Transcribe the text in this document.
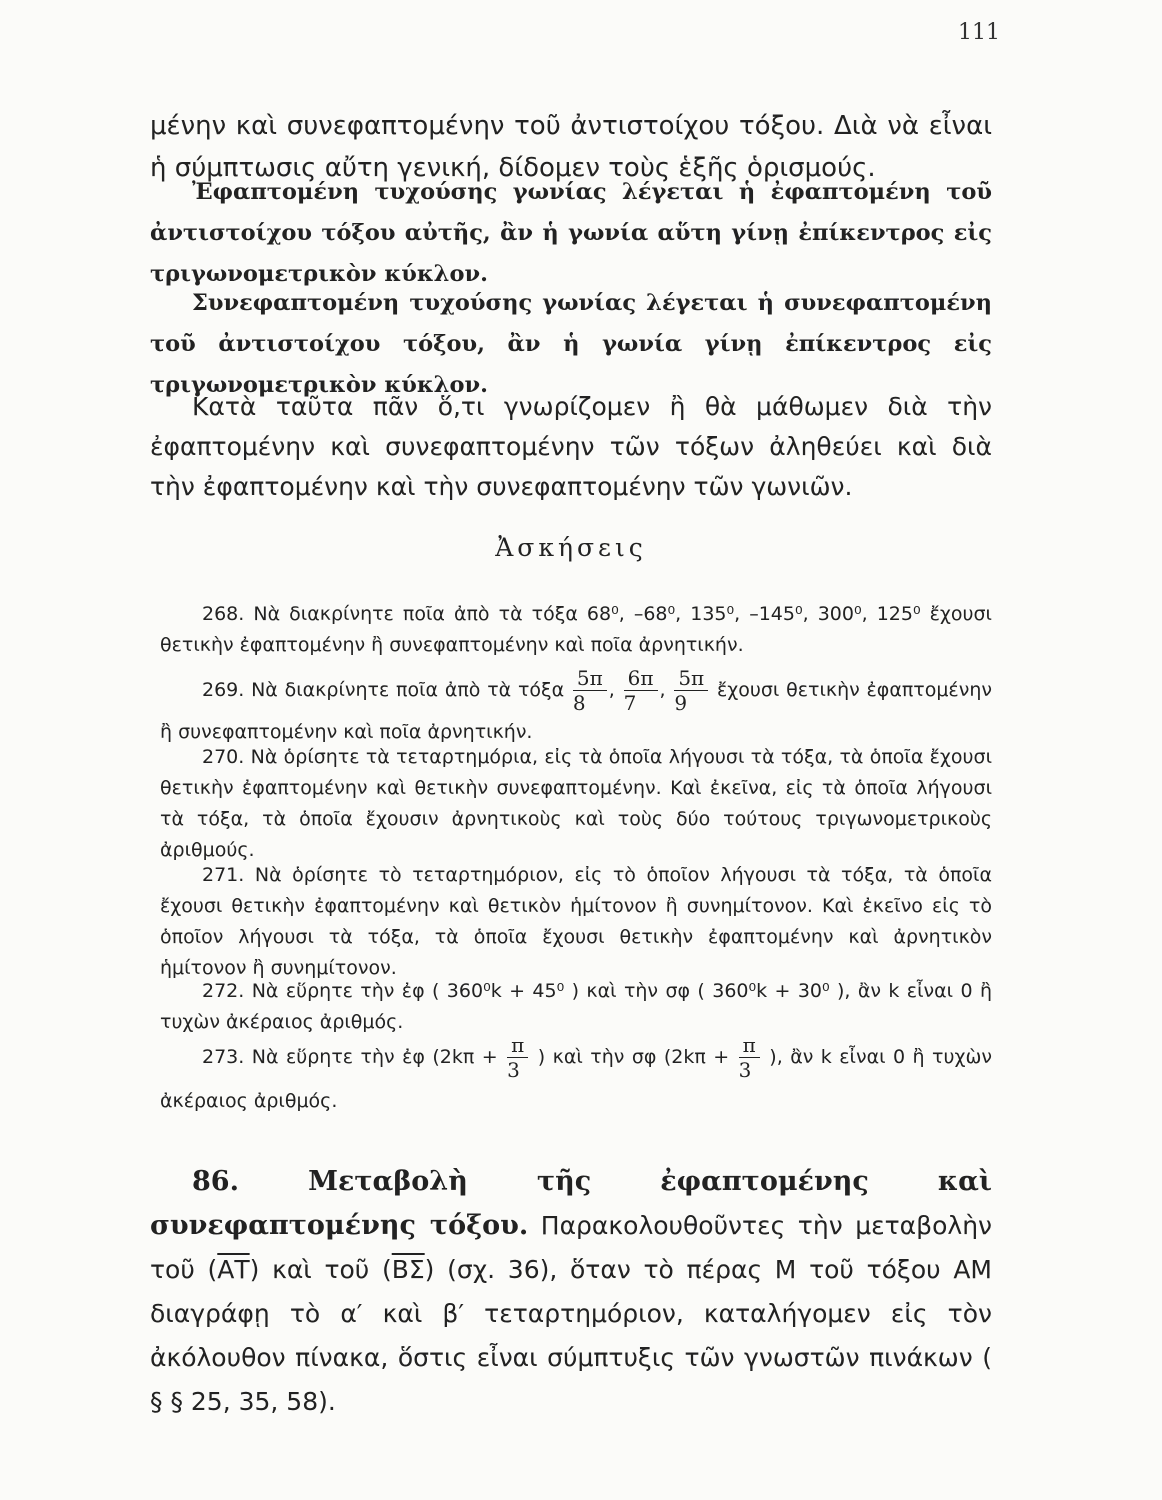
111

μένην καὶ συνεφαπτομένην τοῦ ἀντιστοίχου τόξου. Διὰ νὰ εἶναι ἡ σύμπτωσις αὔτη γενική, δίδομεν τοὺς ἑξῆς ὁρισμούς.

Ἐφαπτομένη τυχούσης γωνίας λέγεται ἡ ἐφαπτομένη τοῦ ἀντιστοίχου τόξου αὐτῆς, ἂν ἡ γωνία αὕτη γίνῃ ἐπίκεντρος εἰς τριγωνομετρικὸν κύκλον.

Συνεφαπτομένη τυχούσης γωνίας λέγεται ἡ συνεφαπτομένη τοῦ ἀντιστοίχου τόξου, ἂν ἡ γωνία γίνῃ ἐπίκεντρος εἰς τριγωνομετρικὸν κύκλον.

Κατὰ ταῦτα πᾶν ὅ,τι γνωρίζομεν ἢ θὰ μάθωμεν διὰ τὴν ἐφαπτομένην καὶ συνεφαπτομένην τῶν τόξων ἀληθεύει καὶ διὰ τὴν ἐφαπτομένην καὶ τὴν συνεφαπτομένην τῶν γωνιῶν.

Ἀσκήσεις

268. Νὰ διακρίνητε ποῖα ἀπὸ τὰ τόξα 68⁰, –68⁰, 135⁰, –145⁰, 300⁰, 125⁰ ἔχουσι θετικὴν ἐφαπτομένην ἢ συνεφαπτομένην καὶ ποῖα ἀρνητικήν.

269. Νὰ διακρίνητε ποῖα ἀπὸ τὰ τόξα $\frac{5\pi}{8}$ , $\frac{6\pi}{7}$ , $\frac{5\pi}{9}$ ἔχουσι θετικὴν ἐφαπτομένην ἢ συνεφαπτομένην καὶ ποῖα ἀρνητικήν.

270. Νὰ ὁρίσητε τὰ τεταρτημόρια, εἰς τὰ ὁποῖα λήγουσι τὰ τόξα, τὰ ὁποῖα ἔχουσι θετικὴν ἐφαπτομένην καὶ θετικὴν συνεφαπτομένην. Καὶ ἐκεῖνα, εἰς τὰ ὁποῖα λήγουσι τὰ τόξα, τὰ ὁποῖα ἔχουσιν ἀρνητικοὺς καὶ τοὺς δύο τούτους τριγωνομετρικοὺς ἀριθμούς.

271. Νὰ ὁρίσητε τὸ τεταρτημόριον, εἰς τὸ ὁποῖον λήγουσι τὰ τόξα, τὰ ὁποῖα ἔχουσι θετικὴν ἐφαπτομένην καὶ θετικὸν ἡμίτονον ἢ συνημίτονον. Καὶ ἐκεῖνο εἰς τὸ ὁποῖον λήγουσι τὰ τόξα, τὰ ὁποῖα ἔχουσι θετικὴν ἐφαπτομένην καὶ ἀρνητικὸν ἡμίτονον ἢ συνημίτονον.

272. Νὰ εὕρητε τὴν ἐφ ( 360⁰k + 45⁰ ) καὶ τὴν σφ ( 360⁰k + 30⁰ ), ἂν k εἶναι 0 ἢ τυχὼν ἀκέραιος ἀριθμός.

273. Νὰ εὕρητε τὴν ἐφ ($2k\pi + \frac{\pi}{3}$ ) καὶ τὴν σφ ($2k\pi + \frac{\pi}{3}$ ), ἂν k εἶναι 0 ἢ τυχὼν ἀκέραιος ἀριθμός.

86. Μεταβολὴ τῆς ἐφαπτομένης καὶ συνεφαπτομένης τόξου. Παρακολουθοῦντες τὴν μεταβολὴν τοῦ $(\overline{AT})$ καὶ τοῦ $(\overline{B\Sigma})$ (σχ. 36), ὅταν τὸ πέρας Μ τοῦ τόξου ΑΜ διαγράφῃ τὸ α′ καὶ β′ τεταρτημόριον, καταλήγομεν εἰς τὸν ἀκόλουθον πίνακα, ὅστις εἶναι σύμπτυξις τῶν γνωστῶν πινάκων ( § § 25, 35, 58).
